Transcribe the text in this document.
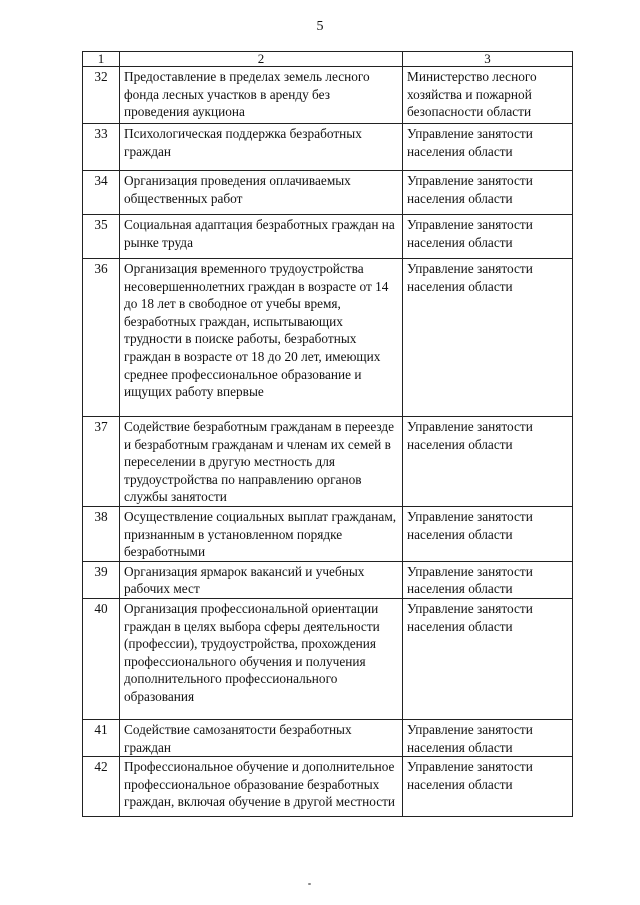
5
1	2	3
32	Предоставление в пределах земель лесного фонда лесных участков в аренду без проведения аукциона	Министерство лесного хозяйства и пожарной безопасности области
33	Психологическая поддержка безработных граждан	Управление занятости населения области
34	Организация проведения оплачиваемых общественных работ	Управление занятости населения области
35	Социальная адаптация безработных граждан на рынке труда	Управление занятости населения области
36	Организация временного трудоустройства несовершеннолетних граждан в возрасте от 14 до 18 лет в свободное от учебы время, безработных граждан, испытывающих трудности в поиске работы, безработных граждан в возрасте от 18 до 20 лет, имеющих среднее профессиональное образование и ищущих работу впервые	Управление занятости населения области
37	Содействие безработным гражданам в переезде и безработным гражданам и членам их семей в переселении в другую местность для трудоустройства по направлению органов службы занятости	Управление занятости населения области
38	Осуществление социальных выплат гражданам, признанным в установленном порядке безработными	Управление занятости населения области
39	Организация ярмарок вакансий и учебных рабочих мест	Управление занятости населения области
40	Организация профессиональной ориентации граждан в целях выбора сферы деятельности (профессии), трудоустройства, прохождения профессионального обучения и получения дополнительного профессионального образования	Управление занятости населения области
41	Содействие самозанятости безработных граждан	Управление занятости населения области
42	Профессиональное обучение и дополнительное профессиональное образование безработных граждан, включая обучение в другой местности	Управление занятости населения области
